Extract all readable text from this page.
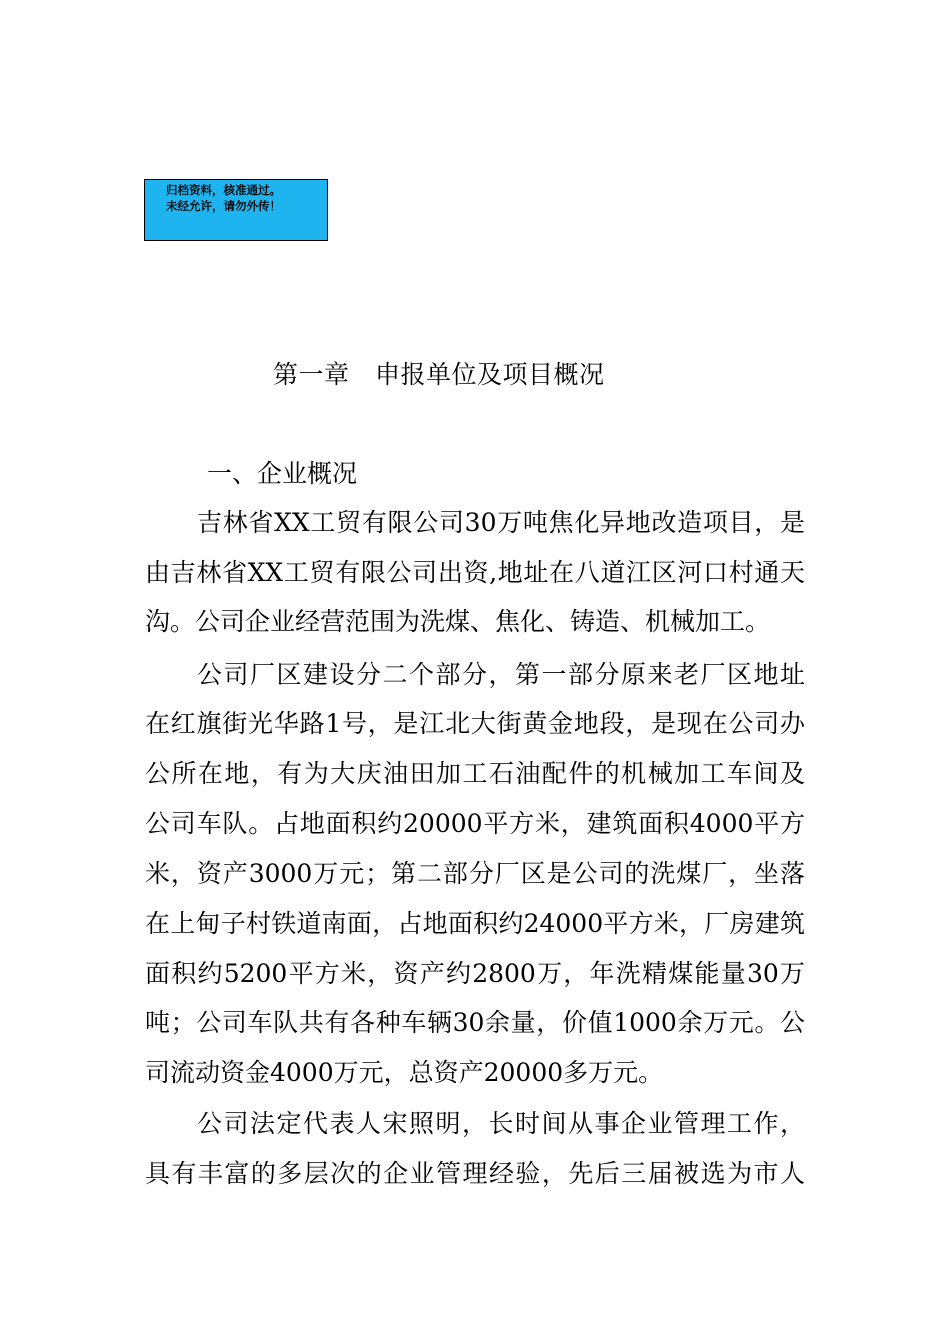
归档资料，核准通过。
未经允许，请勿外传！
第一章　申报单位及项目概况
一、企业概况
吉林省XX工贸有限公司30万吨焦化异地改造项目，是
由吉林省XX工贸有限公司出资,地址在八道江区河口村通天
沟。公司企业经营范围为洗煤、焦化、铸造、机械加工。
公司厂区建设分二个部分，第一部分原来老厂区地址
在红旗街光华路1号，是江北大街黄金地段，是现在公司办
公所在地，有为大庆油田加工石油配件的机械加工车间及
公司车队。占地面积约20000平方米，建筑面积4000平方
米，资产3000万元；第二部分厂区是公司的洗煤厂，坐落
在上甸子村铁道南面，占地面积约24000平方米，厂房建筑
面积约5200平方米，资产约2800万，年洗精煤能量30万
吨；公司车队共有各种车辆30余量，价值1000余万元。公
司流动资金4000万元，总资产20000多万元。
公司法定代表人宋照明，长时间从事企业管理工作，
具有丰富的多层次的企业管理经验，先后三届被选为市人
